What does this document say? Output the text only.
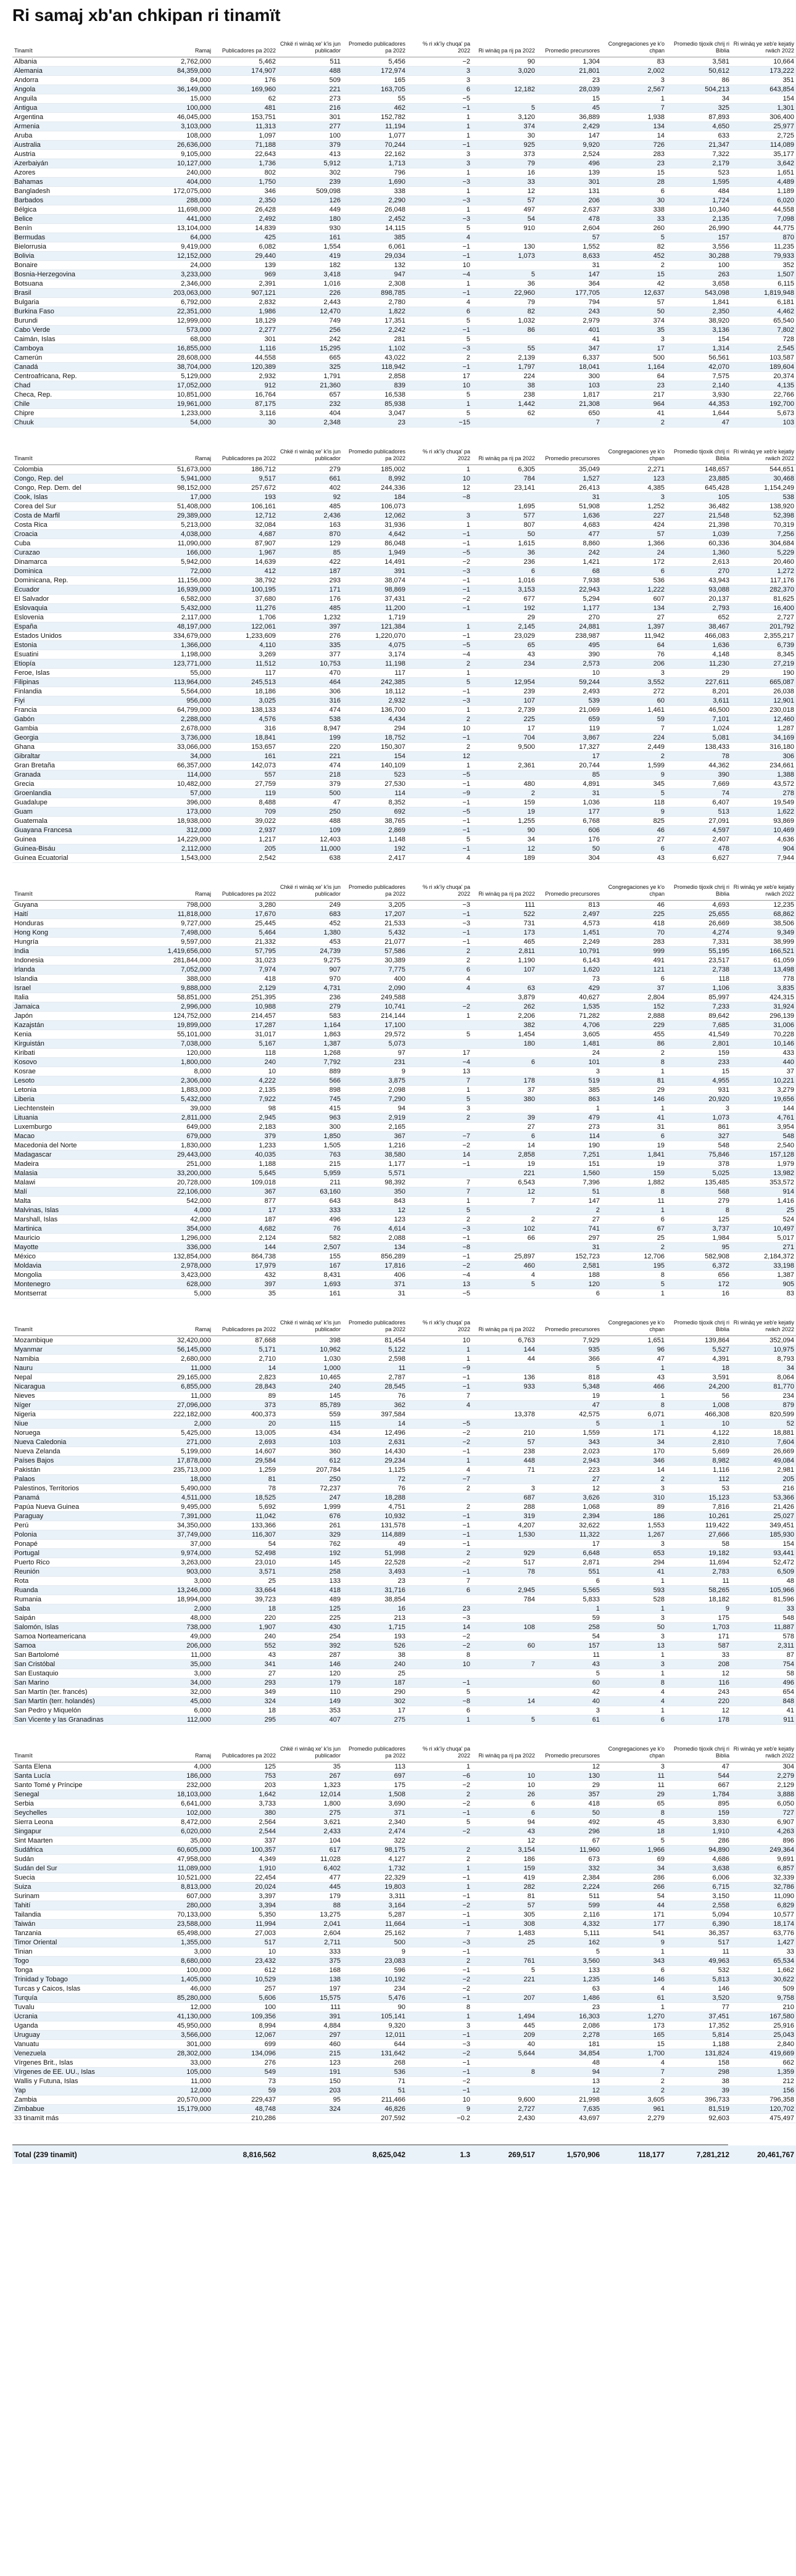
Ri samaj xb'an chkipan ri tinamït
Tinamït	Ramaj	Publicadores pa 2022	Chkë ri winäq xe' k'is jun publicador	Promedio publicadores pa 2022	% ri xk'ïy chuqa' pa 2022	Ri winäq pa rij pa 2022	Promedio precursores	Congregaciones ye k'o chpan	Promedio tijoxik chrij ri Biblia	Ri winäq ye xeb'e kejatiy rwäch 2022
Albania	2,762,000	5,462	511	5,456	−2	90	1,304	83	3,581	10,664
Alemania	84,359,000	174,907	488	172,974	3	3,020	21,801	2,002	50,612	173,222
Andorra	84,000	176	509	165	3		23	3	86	351
Angola	36,149,000	169,960	221	163,705	6	12,182	28,039	2,567	504,213	643,854
Anguila	15,000	62	273	55	−5		15	1	34	154
Antigua	100,000	481	216	462	−1	5	45	7	325	1,301
Argentina	46,045,000	153,751	301	152,782	1	3,120	36,889	1,938	87,893	306,400
Armenia	3,103,000	11,313	277	11,194	1	374	2,429	134	4,650	25,977
Aruba	108,000	1,097	100	1,077	1	30	147	14	633	2,725
Australia	26,636,000	71,188	379	70,244	−1	925	9,920	726	21,347	114,089
Austria	9,105,000	22,643	413	22,162	3	373	2,524	283	7,322	35,177
Azerbaiyán	10,127,000	1,736	5,912	1,713	3	79	496	23	2,179	3,642
Azores	240,000	802	302	796	1	16	139	15	523	1,651
Bahamas	404,000	1,750	239	1,690	−3	33	301	28	1,595	4,489
Bangladesh	172,075,000	346	509,098	338	1	12	131	6	484	1,189
Barbados	288,000	2,350	126	2,290	−3	57	206	30	1,724	6,020
Bélgica	11,698,000	26,428	449	26,048	1	497	2,637	338	10,340	44,558
Belice	441,000	2,492	180	2,452	−3	54	478	33	2,135	7,098
Benín	13,104,000	14,839	930	14,115	5	910	2,604	260	26,990	44,775
Bermudas	64,000	425	161	385	4		57	5	157	870
Bielorrusia	9,419,000	6,082	1,554	6,061	−1	130	1,552	82	3,556	11,235
Bolivia	12,152,000	29,440	419	29,034	−1	1,073	8,633	452	30,288	79,933
Bonaire	24,000	139	182	132	10		31	2	100	352
Bosnia-Herzegovina	3,233,000	969	3,418	947	−4	5	147	15	263	1,507
Botsuana	2,346,000	2,391	1,016	2,308	1	36	364	42	3,658	6,115
Brasil	203,063,000	907,121	226	898,785	−1	22,960	177,705	12,637	543,098	1,819,948
Bulgaria	6,792,000	2,832	2,443	2,780	4	79	794	57	1,841	6,181
Burkina Faso	22,351,000	1,986	12,470	1,822	6	82	243	50	2,350	4,462
Burundi	12,999,000	18,129	749	17,351	5	1,032	2,979	374	38,920	65,540
Cabo Verde	573,000	2,277	256	2,242	−1	86	401	35	3,136	7,802
Caimán, Islas	68,000	301	242	281	5		41	3	154	728
Camboya	16,855,000	1,116	15,295	1,102	−3	55	347	17	1,314	2,545
Camerún	28,608,000	44,558	665	43,022	2	2,139	6,337	500	56,561	103,587
Canadá	38,704,000	120,389	325	118,942	−1	1,797	18,041	1,164	42,070	189,604
Centroafricana, Rep.	5,129,000	2,932	1,791	2,858	17	224	300	64	7,575	20,374
Chad	17,052,000	912	21,360	839	10	38	103	23	2,140	4,135
Checa, Rep.	10,851,000	16,764	657	16,538	5	238	1,817	217	3,930	22,766
Chile	19,961,000	87,175	232	85,938	1	1,442	21,308	964	44,353	192,700
Chipre	1,233,000	3,116	404	3,047	5	62	650	41	1,644	5,673
Chuuk	54,000	30	2,348	23	−15		7	2	47	103
Tinamït	Ramaj	Publicadores pa 2022	Chkë ri winäq xe' k'is jun publicador	Promedio publicadores pa 2022	% ri xk'ïy chuqa' pa 2022	Ri winäq pa rij pa 2022	Promedio precursores	Congregaciones ye k'o chpan	Promedio tijoxik chrij ri Biblia	Ri winäq ye xeb'e kejatiy rwäch 2022
Colombia	51,673,000	186,712	279	185,002	1	6,305	35,049	2,271	148,657	544,651
Congo, Rep. del	5,941,000	9,517	661	8,992	10	784	1,527	123	23,885	30,468
Congo, Rep. Dem. del	98,152,000	257,672	402	244,336	12	23,141	26,413	4,385	645,428	1,154,249
Cook, Islas	17,000	193	92	184	−8		31	3	105	538
Corea del Sur	51,408,000	106,161	485	106,073		1,695	51,908	1,252	36,482	138,920
Costa de Marfil	29,389,000	12,712	2,436	12,062	3	577	1,636	227	21,548	52,398
Costa Rica	5,213,000	32,084	163	31,936	1	807	4,683	424	21,398	70,319
Croacia	4,038,000	4,687	870	4,642	−1	50	477	57	1,039	7,256
Cuba	11,090,000	87,907	129	86,048	−1	1,615	8,860	1,366	60,336	304,684
Curazao	166,000	1,967	85	1,949	−5	36	242	24	1,360	5,229
Dinamarca	5,942,000	14,639	422	14,491	−2	236	1,421	172	2,613	20,460
Dominica	72,000	412	187	391	−3	6	68	6	270	1,272
Dominicana, Rep.	11,156,000	38,792	293	38,074	−1	1,016	7,938	536	43,943	117,176
Ecuador	16,939,000	100,195	171	98,869	−1	3,153	22,943	1,222	93,088	282,370
El Salvador	6,582,000	37,680	176	37,431	−2	677	5,294	607	20,137	81,625
Eslovaquia	5,432,000	11,276	485	11,200	−1	192	1,177	134	2,793	16,400
Eslovenia	2,117,000	1,706	1,232	1,719		29	270	27	652	2,727
España	48,197,000	122,061	397	121,384	1	2,145	24,881	1,397	38,467	201,792
Estados Unidos	334,679,000	1,233,609	276	1,220,070	−1	23,029	238,987	11,942	466,083	2,355,217
Estonia	1,366,000	4,110	335	4,075	−5	65	495	64	1,636	6,739
Esuatini	1,198,000	3,269	377	3,174	−4	43	390	76	4,148	8,345
Etiopía	123,771,000	11,512	10,753	11,198	2	234	2,573	206	11,230	27,219
Feroe, Islas	55,000	117	470	117	1		10	3	29	190
Filipinas	113,964,000	245,513	464	242,385	5	12,954	59,244	3,552	227,611	665,087
Finlandia	5,564,000	18,186	306	18,112	−1	239	2,493	272	8,201	26,038
Fiyi	956,000	3,025	316	2,932	−3	107	539	60	3,611	12,901
Francia	64,799,000	138,133	474	136,700	1	2,739	21,069	1,461	46,500	230,018
Gabón	2,288,000	4,576	538	4,434	2	225	659	59	7,101	12,460
Gambia	2,678,000	316	8,947	294	10	17	119	7	1,024	1,287
Georgia	3,736,000	18,841	199	18,752	−1	704	3,867	224	5,081	34,169
Ghana	33,066,000	153,657	220	150,307	2	9,500	17,327	2,449	138,433	316,180
Gibraltar	34,000	161	221	154	12		17	2	78	306
Gran Bretaña	66,357,000	142,073	474	140,109	1	2,361	20,744	1,599	44,362	234,661
Granada	114,000	557	218	523	−5		85	9	390	1,388
Grecia	10,482,000	27,759	379	27,530	−1	480	4,891	345	7,669	43,572
Groenlandia	57,000	119	500	114	−9	2	31	5	74	278
Guadalupe	396,000	8,488	47	8,352	−1	159	1,036	118	6,407	19,549
Guam	173,000	709	250	692	−5	19	177	9	513	1,622
Guatemala	18,938,000	39,022	488	38,765	−1	1,255	6,768	825	27,091	93,869
Guayana Francesa	312,000	2,937	109	2,869	−1	90	606	46	4,597	10,469
Guinea	14,229,000	1,217	12,403	1,148	5	34	176	27	2,407	4,636
Guinea-Bisáu	2,112,000	205	11,000	192	−1	12	50	6	478	904
Guinea Ecuatorial	1,543,000	2,542	638	2,417	4	189	304	43	6,627	7,944
Tinamït	Ramaj	Publicadores pa 2022	Chkë ri winäq xe' k'is jun publicador	Promedio publicadores pa 2022	% ri xk'ïy chuqa' pa 2022	Ri winäq pa rij pa 2022	Promedio precursores	Congregaciones ye k'o chpan	Promedio tijoxik chrij ri Biblia	Ri winäq ye xeb'e kejatiy rwäch 2022
Guyana	798,000	3,280	249	3,205	−3	111	813	46	4,693	12,235
Haití	11,818,000	17,670	683	17,207	−1	522	2,497	225	25,655	68,862
Honduras	9,727,000	25,445	452	21,533	−3	731	4,573	418	26,669	38,506
Hong Kong	7,498,000	5,464	1,380	5,432	−1	173	1,451	70	4,274	9,349
Hungría	9,597,000	21,332	453	21,077	−1	465	2,249	283	7,331	38,999
India	1,419,656,000	57,795	24,739	57,586	2	2,811	10,791	999	55,195	166,521
Indonesia	281,844,000	31,023	9,275	30,389	2	1,190	6,143	491	23,517	61,059
Irlanda	7,052,000	7,974	907	7,775	6	107	1,620	121	2,738	13,498
Islandia	388,000	418	970	400	4		73	6	118	778
Israel	9,888,000	2,129	4,731	2,090	4	63	429	37	1,106	3,835
Italia	58,851,000	251,395	236	249,588		3,879	40,627	2,804	85,997	424,315
Jamaica	2,996,000	10,988	279	10,741	−2	262	1,535	152	7,233	31,924
Japón	124,752,000	214,457	583	214,144	1	2,206	71,282	2,888	89,642	296,139
Kazajstán	19,899,000	17,287	1,164	17,100		382	4,706	229	7,685	31,006
Kenia	55,101,000	31,017	1,863	29,572	5	1,454	3,605	455	41,549	70,228
Kirguistán	7,038,000	5,167	1,387	5,073		180	1,481	86	2,801	10,146
Kiribati	120,000	118	1,268	97	17		24	2	159	433
Kosovo	1,800,000	240	7,792	231	−4	6	101	8	233	440
Kosrae	8,000	10	889	9	13		3	1	15	37
Lesoto	2,306,000	4,222	566	3,875	7	178	519	81	4,955	10,221
Letonia	1,883,000	2,135	898	2,098	1	37	385	29	931	3,279
Liberia	5,432,000	7,922	745	7,290	5	380	863	146	20,920	19,656
Liechtenstein	39,000	98	415	94	3		1	1	3	144
Lituania	2,811,000	2,945	963	2,919	2	39	479	41	1,073	4,761
Luxemburgo	649,000	2,183	300	2,165		27	273	31	861	3,954
Macao	679,000	379	1,850	367	−7	6	114	6	327	548
Macedonia del Norte	1,830,000	1,233	1,505	1,216	−2	14	190	19	548	2,540
Madagascar	29,443,000	40,035	763	38,580	14	2,858	7,251	1,841	75,846	157,128
Madeira	251,000	1,188	215	1,177	−1	19	151	19	378	1,979
Malasia	33,200,000	5,645	5,959	5,571		221	1,560	159	5,025	13,982
Malawi	20,728,000	109,018	211	98,392	7	6,543	7,396	1,882	135,485	353,572
Malí	22,106,000	367	63,160	350	7	12	51	8	568	914
Malta	542,000	877	643	843	1	7	147	11	279	1,416
Malvinas, Islas	4,000	17	333	12	5		2	1	8	25
Marshall, Islas	42,000	187	496	123	2	2	27	6	125	524
Martinica	354,000	4,682	76	4,614	−3	102	741	67	3,737	10,497
Mauricio	1,296,000	2,124	582	2,088	−1	66	297	25	1,984	5,017
Mayotte	336,000	144	2,507	134	−8		31	2	95	271
México	132,854,000	864,738	155	856,289	−1	25,897	152,723	12,706	582,908	2,184,372
Moldavia	2,978,000	17,979	167	17,816	−2	460	2,581	195	6,372	33,198
Mongolia	3,423,000	432	8,431	406	−4	4	188	8	656	1,387
Montenegro	628,000	397	1,693	371	13	5	120	5	172	905
Montserrat	5,000	35	161	31	−5		6	1	16	83
Tinamït	Ramaj	Publicadores pa 2022	Chkë ri winäq xe' k'is jun publicador	Promedio publicadores pa 2022	% ri xk'ïy chuqa' pa 2022	Ri winäq pa rij pa 2022	Promedio precursores	Congregaciones ye k'o chpan	Promedio tijoxik chrij ri Biblia	Ri winäq ye xeb'e kejatiy rwäch 2022
Mozambique	32,420,000	87,668	398	81,454	10	6,763	7,929	1,651	139,864	352,094
Myanmar	56,145,000	5,171	10,962	5,122	1	144	935	96	5,527	10,975
Namibia	2,680,000	2,710	1,030	2,598	1	44	366	47	4,391	8,793
Nauru	11,000	14	1,000	11	−9		5	1	18	34
Nepal	29,165,000	2,823	10,465	2,787	−1	136	818	43	3,591	8,064
Nicaragua	6,855,000	28,843	240	28,545	−1	933	5,348	466	24,200	81,770
Nieves	11,000	89	145	76	7		19	1	56	234
Níger	27,096,000	373	85,789	362	4		47	8	1,008	879
Nigeria	222,182,000	400,373	559	397,584		13,378	42,575	6,071	466,308	820,599
Niue	2,000	20	115	14	−5		5	1	10	52
Noruega	5,425,000	13,005	434	12,496	−2	210	1,559	171	4,122	18,881
Nueva Caledonia	271,000	2,693	103	2,631	−2	57	343	34	2,810	7,604
Nueva Zelanda	5,199,000	14,607	360	14,430	−1	238	2,023	170	5,669	26,669
Países Bajos	17,878,000	29,584	612	29,234	1	448	2,943	346	8,982	49,084
Pakistán	235,713,000	1,259	207,784	1,125	4	71	223	14	1,116	2,981
Palaos	18,000	81	250	72	−7		27	2	112	205
Palestinos, Territorios	5,490,000	78	72,237	76	2	3	12	3	53	216
Panamá	4,511,000	18,525	247	18,288		687	3,626	310	15,123	53,366
Papúa Nueva Guinea	9,495,000	5,692	1,999	4,751	2	288	1,068	89	7,816	21,426
Paraguay	7,391,000	11,042	676	10,932	−1	319	2,394	186	10,261	25,027
Perú	34,350,000	133,366	261	131,578	−1	4,207	32,622	1,553	119,422	349,451
Polonia	37,749,000	116,307	329	114,889	−1	1,530	11,322	1,267	27,666	185,930
Ponapé	37,000	54	762	49	−1		17	3	58	154
Portugal	9,974,000	52,498	192	51,998	2	929	6,648	653	19,182	93,441
Puerto Rico	3,263,000	23,010	145	22,528	−2	517	2,871	294	11,694	52,472
Reunión	903,000	3,571	258	3,493	−1	78	551	41	2,783	6,509
Rota	3,000	25	133	23	7		6	1	11	48
Ruanda	13,246,000	33,664	418	31,716	6	2,945	5,565	593	58,265	105,966
Rumania	18,994,000	39,723	489	38,854		784	5,833	528	18,182	81,596
Saba	2,000	18	125	16	23		1	1	9	33
Saipán	48,000	220	225	213	−3		59	3	175	548
Salomón, Islas	738,000	1,907	430	1,715	14	108	258	50	1,703	11,887
Samoa Norteamericana	49,000	240	254	193	−2		54	3	171	578
Samoa	206,000	552	392	526	−2	60	157	13	587	2,311
San Bartolomé	11,000	43	287	38	8		11	1	33	87
San Cristóbal	35,000	341	146	240	10	7	43	3	208	754
San Eustaquio	3,000	27	120	25			5	1	12	58
San Marino	34,000	293	179	187	−1		60	8	116	496
San Martín (ter. francés)	32,000	349	110	290	5		42	4	243	654
San Martín (terr. holandés)	45,000	324	149	302	−8	14	40	4	220	848
San Pedro y Miquelón	6,000	18	353	17	6		3	1	12	41
San Vicente y las Granadinas	112,000	295	407	275	1	5	61	6	178	911
Tinamït	Ramaj	Publicadores pa 2022	Chkë ri winäq xe' k'is jun publicador	Promedio publicadores pa 2022	% ri xk'ïy chuqa' pa 2022	Ri winäq pa rij pa 2022	Promedio precursores	Congregaciones ye k'o chpan	Promedio tijoxik chrij ri Biblia	Ri winäq ye xeb'e kejatiy rwäch 2022
Santa Elena	4,000	125	35	113	1		12	3	47	304
Santa Lucía	186,000	753	267	697	−6	10	130	11	544	2,279
Santo Tomé y Príncipe	232,000	203	1,323	175	−2	10	29	11	667	2,129
Senegal	18,103,000	1,642	12,014	1,508	2	26	357	29	1,784	3,888
Serbia	6,641,000	3,733	1,800	3,690	−2	6	418	65	895	6,050
Seychelles	102,000	380	275	371	−1	6	50	8	159	727
Sierra Leona	8,472,000	2,564	3,621	2,340	5	94	492	45	3,830	6,907
Singapur	6,020,000	2,544	2,433	2,474	−2	43	296	18	1,910	4,263
Sint Maarten	35,000	337	104	322		12	67	5	286	896
Sudáfrica	60,605,000	100,357	617	98,175	2	3,154	11,960	1,966	94,890	249,364
Sudán	47,958,000	4,349	11,028	4,127	2	186	673	69	4,686	9,691
Sudán del Sur	11,089,000	1,910	6,402	1,732	1	159	332	34	3,638	6,857
Suecia	10,521,000	22,454	477	22,329	−1	419	2,384	286	6,006	32,339
Suiza	8,813,000	20,024	445	19,803	1	282	2,224	266	6,715	32,786
Surinam	607,000	3,397	179	3,311	−1	81	511	54	3,150	11,090
Tahití	280,000	3,394	88	3,164	−2	57	599	44	2,558	6,829
Tailandia	70,133,000	5,350	13,275	5,287	−1	305	2,116	171	5,094	10,577
Taiwán	23,588,000	11,994	2,041	11,664	−1	308	4,332	177	6,390	18,174
Tanzania	65,498,000	27,003	2,604	25,162	7	1,483	5,111	541	36,357	63,776
Timor Oriental	1,355,000	517	2,711	500	−3	25	162	9	517	1,427
Tinian	3,000	10	333	9	−1		5	1	11	33
Togo	8,680,000	23,432	375	23,083	2	761	3,560	343	49,963	65,534
Tonga	100,000	612	168	596	−1	5	133	6	532	1,662
Trinidad y Tobago	1,405,000	10,529	138	10,192	−2	221	1,235	146	5,813	30,622
Turcas y Caicos, Islas	46,000	257	197	234	−2		63	4	146	509
Turquía	85,280,000	5,606	15,575	5,476	−1	207	1,486	61	3,520	9,758
Tuvalu	12,000	100	111	90	8		23	1	77	210
Ucrania	41,130,000	109,356	391	105,141	1	1,494	16,303	1,270	37,451	167,580
Uganda	45,950,000	8,994	4,884	9,320	3	445	2,086	173	17,352	25,916
Uruguay	3,566,000	12,067	297	12,011	−1	209	2,278	165	5,814	25,043
Vanuatu	301,000	699	460	644	−3	40	181	15	1,188	2,840
Venezuela	28,302,000	134,096	215	131,642	−2	5,644	34,854	1,700	131,824	419,669
Vírgenes Brit., Islas	33,000	276	123	268	−1		48	4	158	662
Vírgenes de EE. UU., Islas	105,000	549	191	536	−1	8	94	7	298	1,359
Wallis y Futuna, Islas	11,000	73	150	71	−2		13	2	38	212
Yap	12,000	59	203	51	−1		12	2	39	156
Zambia	20,570,000	229,437	95	211,466	10	9,600	21,998	3,605	396,733	796,358
Zimbabue	15,179,000	48,748	324	46,826	9	2,727	7,635	961	81,519	120,702
33 tinamït más		210,286		207,592	−0.2	2,430	43,697	2,279	92,603	475,497
Total (239 tinamït)		8,816,562		8,625,042	1.3	269,517	1,570,906	118,177	7,281,212	20,461,767
